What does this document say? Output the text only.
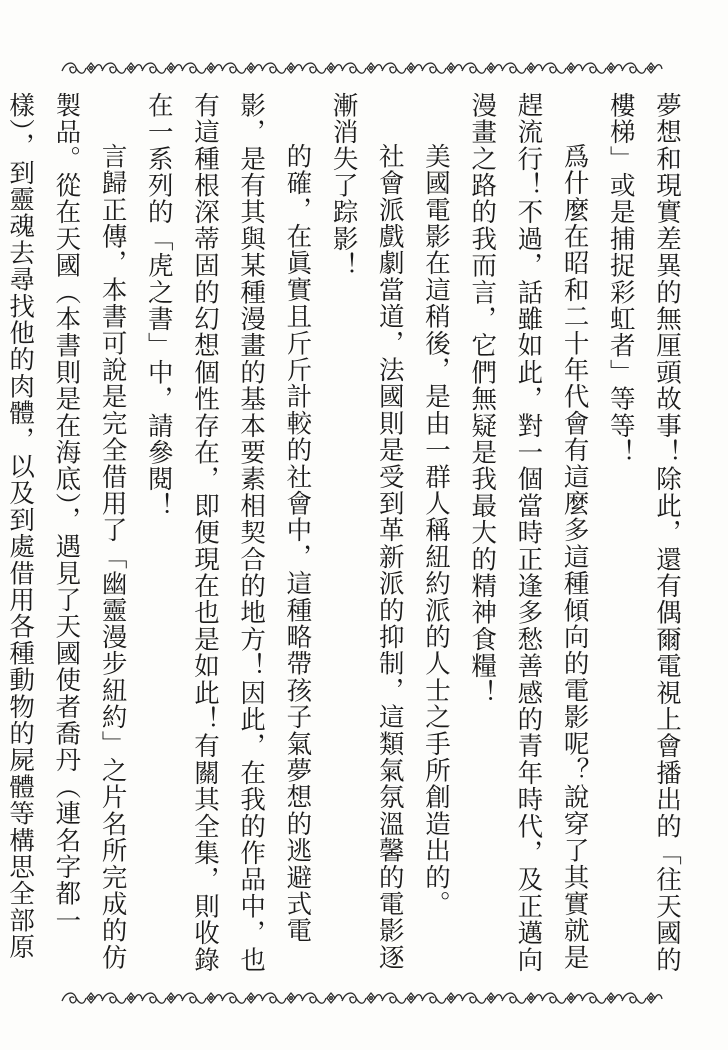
夢想和現實差異的無厘頭故事！除此，還有偶爾電視上會播出的「往天國的樓梯」或是捕捉彩虹者」等等！

爲什麼在昭和二十年代會有這麼多這種傾向的電影呢？說穿了其實就是趕流行！不過，話雖如此，對一個當時正逢多愁善感的青年時代，及正邁向漫畫之路的我而言，它們無疑是我最大的精神食糧！

美國電影在這稍後，是由一群人稱紐約派的人士之手所創造出的。

社會派戲劇當道，法國則是受到革新派的抑制，這類氣氛溫馨的電影逐漸消失了踪影！

的確，在眞實且斤斤計較的社會中，這種略帶孩子氣夢想的逃避式電影，是有其與某種漫畫的基本要素相契合的地方！因此，在我的作品中，也有這種根深蒂固的幻想個性存在，即便現在也是如此！有關其全集，則收錄在一系列的「虎之書」中，請參閱！

言歸正傳，本書可說是完全借用了「幽靈漫步紐約」之片名所完成的仿製品。從在天國（本書則是在海底），遇見了天國使者喬丹（連名字都一樣），到靈魂去尋找他的肉體，以及到處借用各種動物的屍體等構思全部原
